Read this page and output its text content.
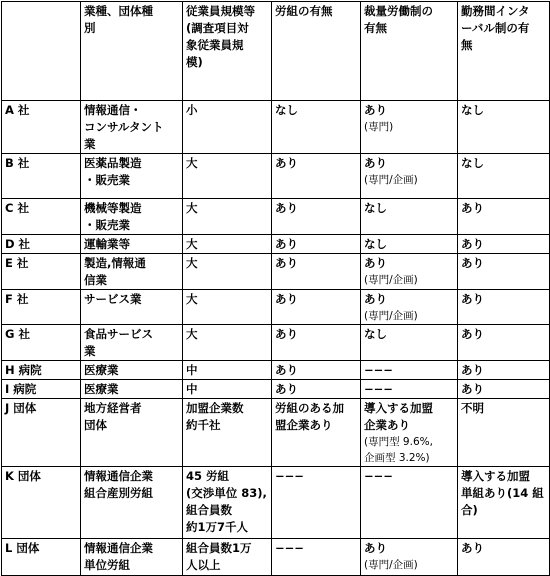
	業種、団体種
別	従業員規模等
(調査項目対
象従業員規
模)	労組の有無	裁量労働制の
有無	勤務間インタ
ーバル制の有
無

A 社	情報通信・
コンサルタント
業	小	なし	あり
(専門)	なし

B 社	医薬品製造
・販売業	大	あり	あり
(専門/企画)	なし

C 社	機械等製造
・販売業	大	あり	なし	あり

D 社	運輸業等	大	あり	なし	あり

E 社	製造,情報通
信業	大	あり	あり
(専門/企画)	あり

F 社	サービス業	大	あり	あり
(専門/企画)	あり

G 社	食品サービス
業	大	あり	なし	あり

H 病院	医療業	中	あり	−−−	あり

I 病院	医療業	中	あり	−−−	あり

J 団体	地方経営者
団体	加盟企業数
約千社	労組のある加
盟企業あり	導入する加盟
企業あり
(専門型 9.6%,
企画型 3.2%)	不明

K 団体	情報通信企業
組合産別労組	45 労組
(交渉単位 83),
組合員数
約1万7千人	−−−	−−−	導入する加盟
単組あり(14 組
合)

L 団体	情報通信企業
単位労組	組合員数1万
人以上	−−−	あり
(専門/企画)	あり
